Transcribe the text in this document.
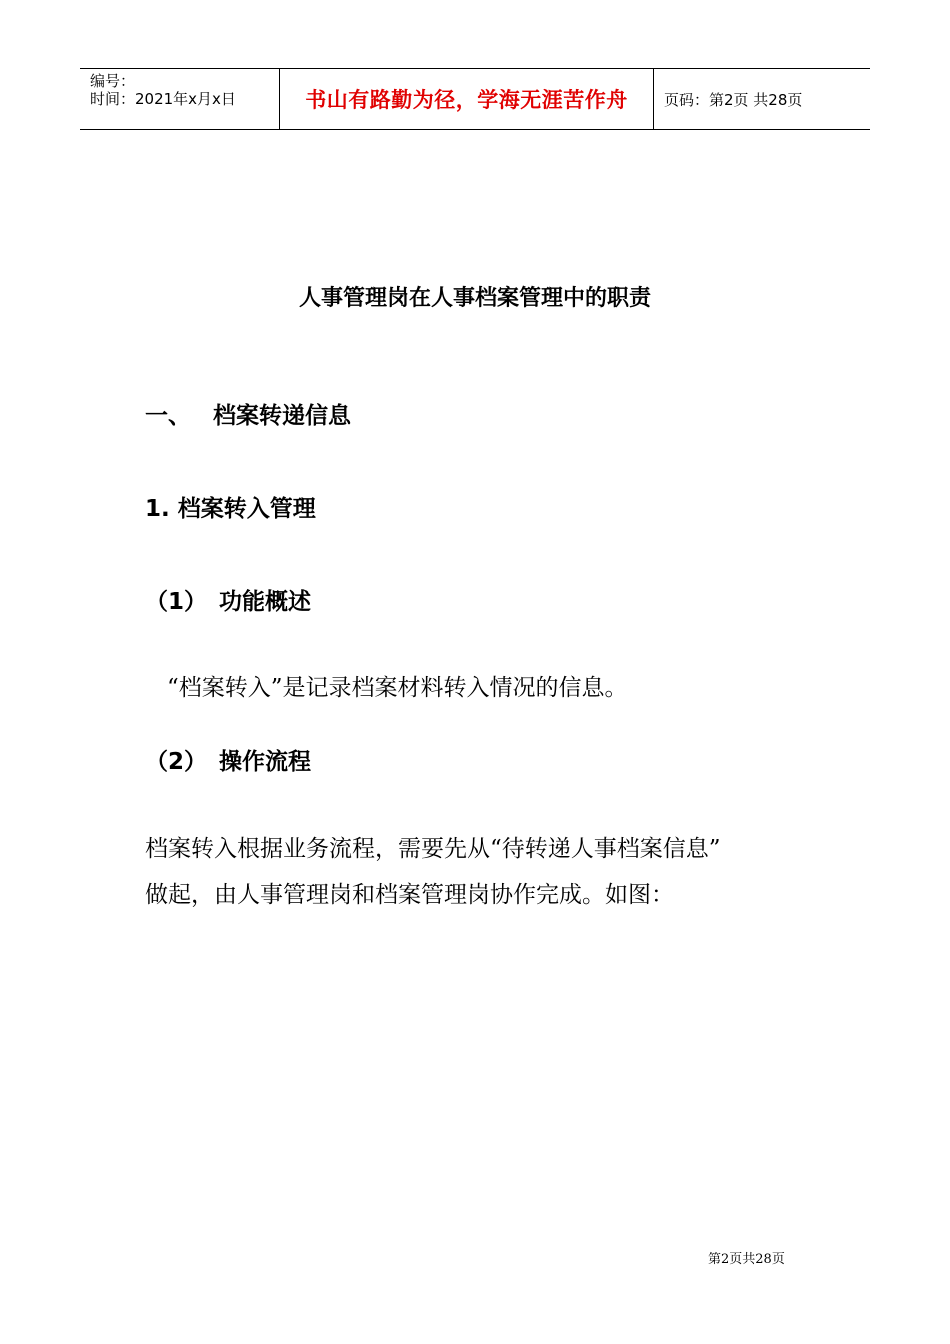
编号：
时间：2021年x月x日	书山有路勤为径，学海无涯苦作舟	页码：第2页 共28页
人事管理岗在人事档案管理中的职责
一、 档案转递信息
1. 档案转入管理
（1） 功能概述
“档案转入”是记录档案材料转入情况的信息。
（2） 操作流程
档案转入根据业务流程，需要先从“待转递人事档案信息”
做起，由人事管理岗和档案管理岗协作完成。如图：
第2页共28页
